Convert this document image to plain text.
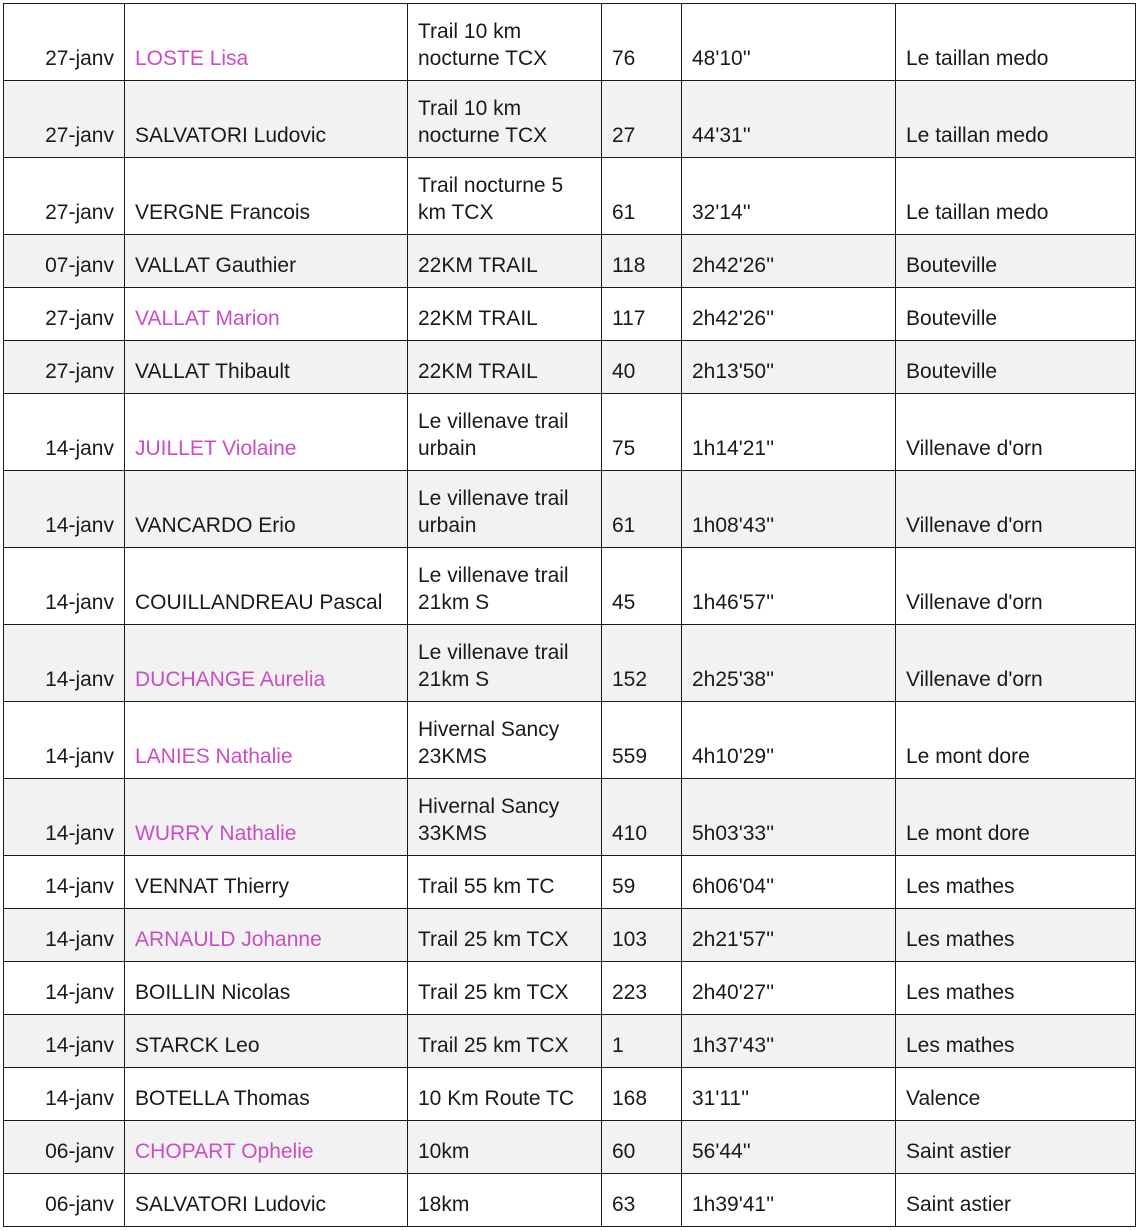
27-janv	LOSTE Lisa	Trail 10 km nocturne TCX	76	48'10''	Le taillan medo
27-janv	SALVATORI Ludovic	Trail 10 km nocturne TCX	27	44'31''	Le taillan medo
27-janv	VERGNE Francois	Trail nocturne 5 km TCX	61	32'14''	Le taillan medo
07-janv	VALLAT Gauthier	22KM TRAIL	118	2h42'26''	Bouteville
27-janv	VALLAT Marion	22KM TRAIL	117	2h42'26''	Bouteville
27-janv	VALLAT Thibault	22KM TRAIL	40	2h13'50''	Bouteville
14-janv	JUILLET Violaine	Le villenave trail urbain	75	1h14'21''	Villenave d'orn
14-janv	VANCARDO Erio	Le villenave trail urbain	61	1h08'43''	Villenave d'orn
14-janv	COUILLANDREAU Pascal	Le villenave trail 21km S	45	1h46'57''	Villenave d'orn
14-janv	DUCHANGE Aurelia	Le villenave trail 21km S	152	2h25'38''	Villenave d'orn
14-janv	LANIES Nathalie	Hivernal Sancy 23KMS	559	4h10'29''	Le mont dore
14-janv	WURRY Nathalie	Hivernal Sancy 33KMS	410	5h03'33''	Le mont dore
14-janv	VENNAT Thierry	Trail 55 km TC	59	6h06'04''	Les mathes
14-janv	ARNAULD Johanne	Trail 25 km TCX	103	2h21'57''	Les mathes
14-janv	BOILLIN Nicolas	Trail 25 km TCX	223	2h40'27''	Les mathes
14-janv	STARCK Leo	Trail 25 km TCX	1	1h37'43''	Les mathes
14-janv	BOTELLA Thomas	10 Km Route TC	168	31'11''	Valence
06-janv	CHOPART Ophelie	10km	60	56'44''	Saint astier
06-janv	SALVATORI Ludovic	18km	63	1h39'41''	Saint astier
